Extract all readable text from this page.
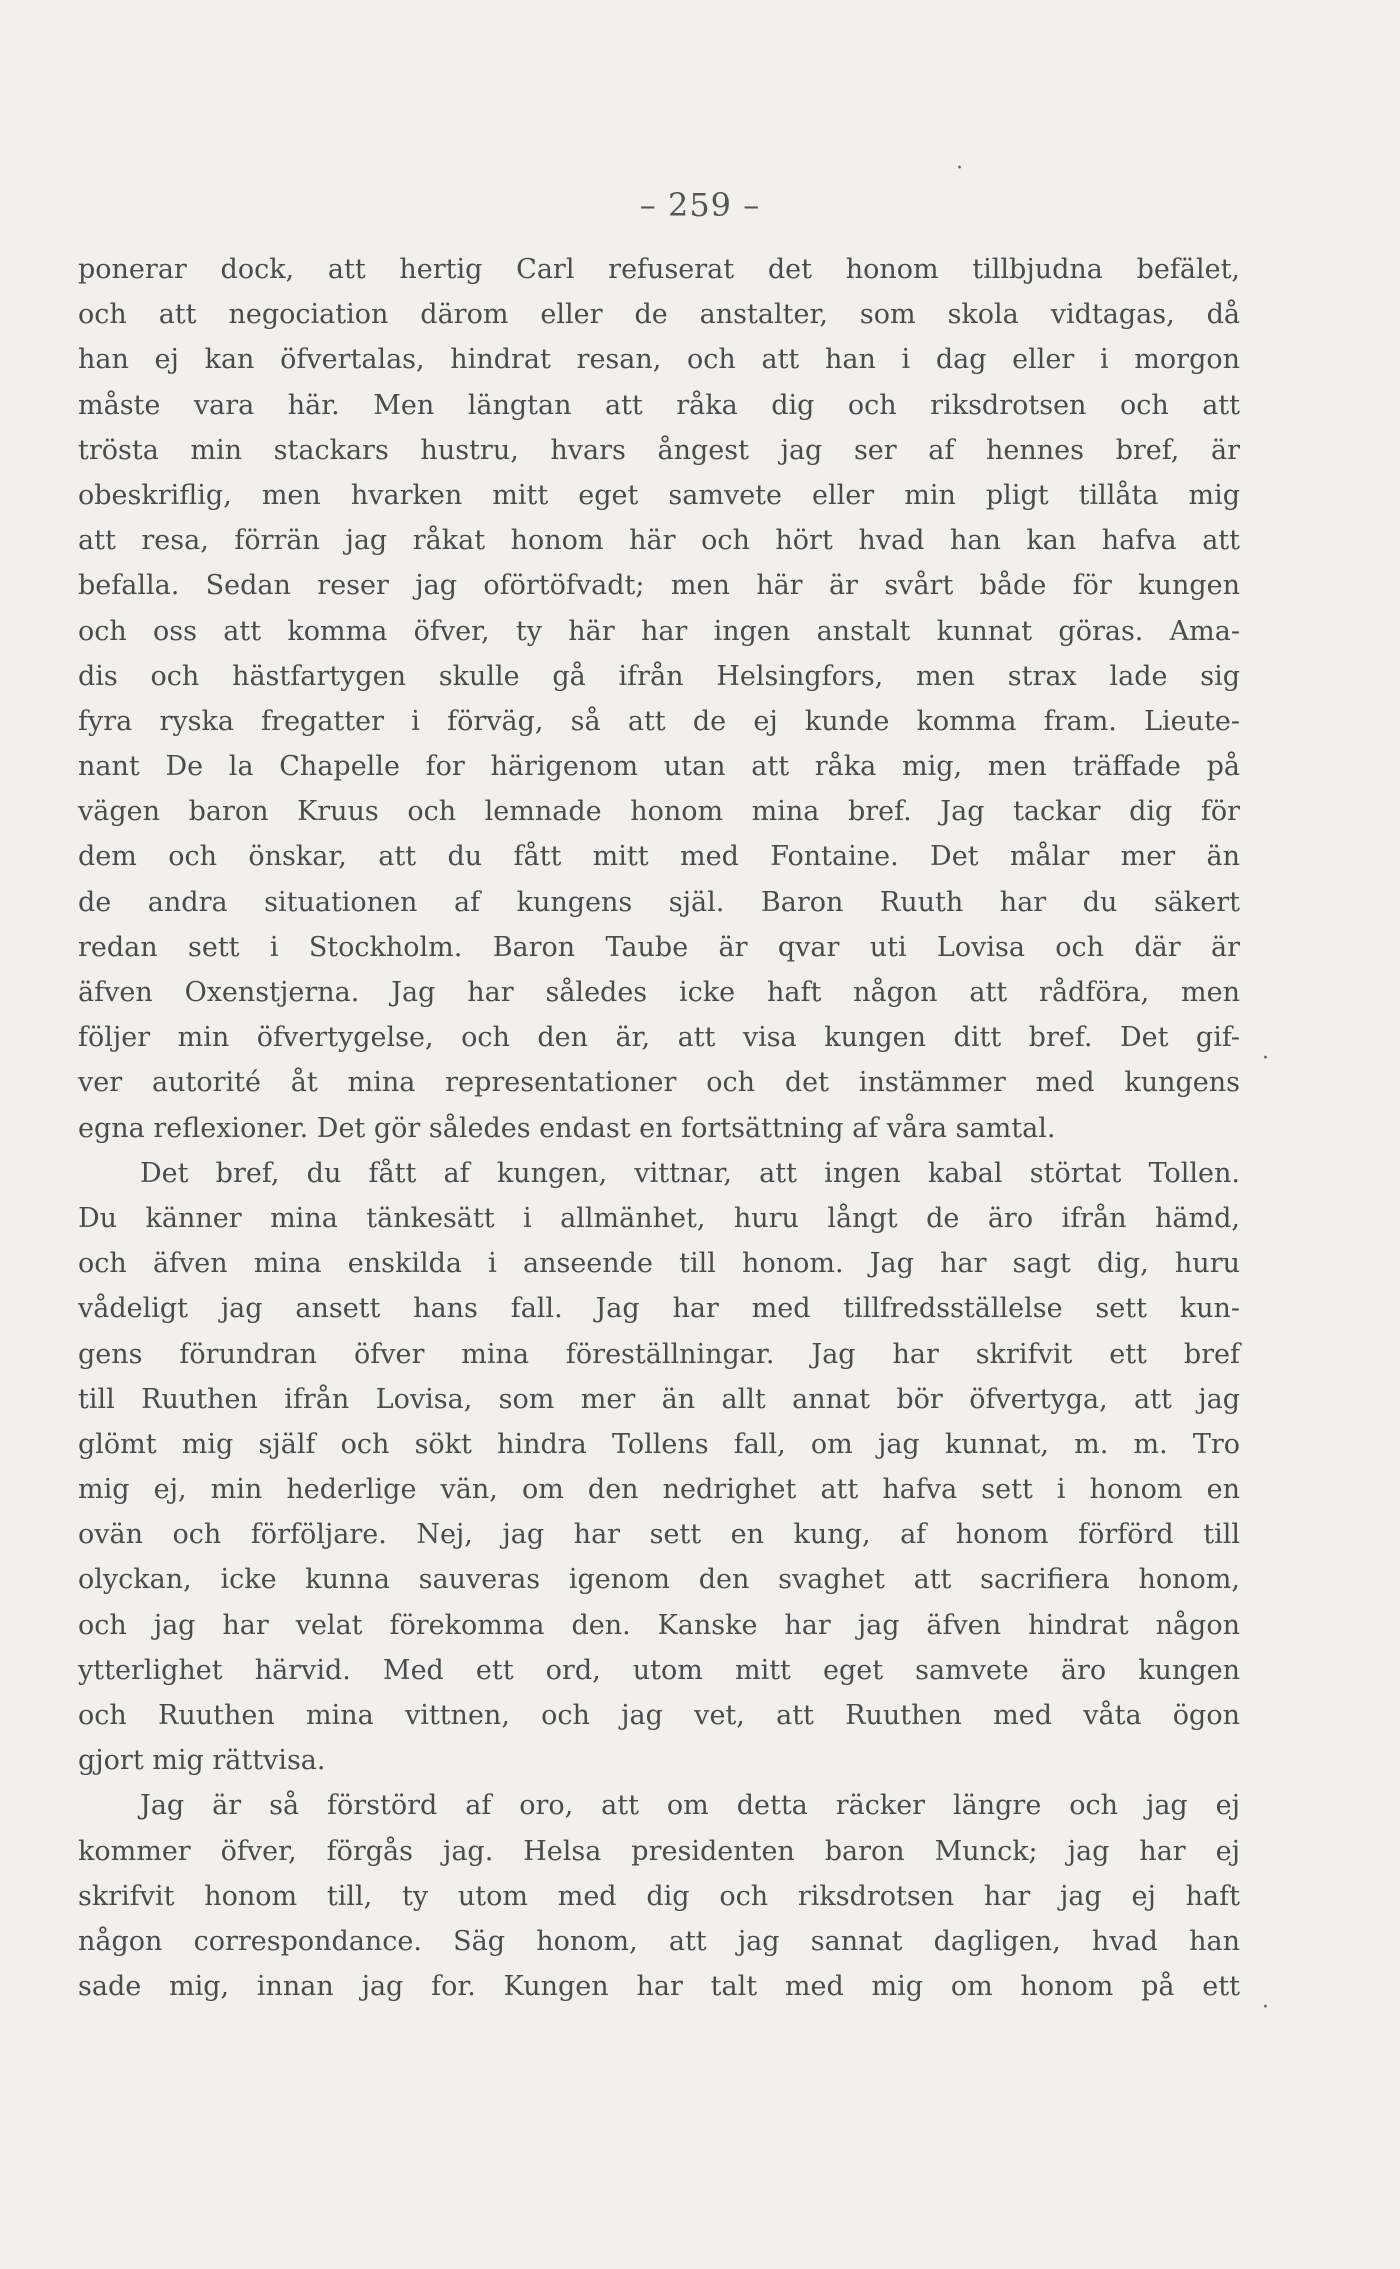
– 259 –
ponerar dock, att hertig Carl refuserat det honom tillbjudna befälet,
och att negociation därom eller de anstalter, som skola vidtagas, då
han ej kan öfvertalas, hindrat resan, och att han i dag eller i morgon
måste vara här. Men längtan att råka dig och riksdrotsen och att
trösta min stackars hustru, hvars ångest jag ser af hennes bref, är
obeskriflig, men hvarken mitt eget samvete eller min pligt tillåta mig
att resa, förrän jag råkat honom här och hört hvad han kan hafva att
befalla. Sedan reser jag oförtöfvadt; men här är svårt både för kungen
och oss att komma öfver, ty här har ingen anstalt kunnat göras. Ama-
dis och hästfartygen skulle gå ifrån Helsingfors, men strax lade sig
fyra ryska fregatter i förväg, så att de ej kunde komma fram. Lieute-
nant De la Chapelle for härigenom utan att råka mig, men träffade på
vägen baron Kruus och lemnade honom mina bref. Jag tackar dig för
dem och önskar, att du fått mitt med Fontaine. Det målar mer än
de andra situationen af kungens själ. Baron Ruuth har du säkert
redan sett i Stockholm. Baron Taube är qvar uti Lovisa och där är
äfven Oxenstjerna. Jag har således icke haft någon att rådföra, men
följer min öfvertygelse, och den är, att visa kungen ditt bref. Det gif-
ver autorité åt mina representationer och det instämmer med kungens
egna reflexioner. Det gör således endast en fortsättning af våra samtal.
Det bref, du fått af kungen, vittnar, att ingen kabal störtat Tollen.
Du känner mina tänkesätt i allmänhet, huru långt de äro ifrån hämd,
och äfven mina enskilda i anseende till honom. Jag har sagt dig, huru
vådeligt jag ansett hans fall. Jag har med tillfredsställelse sett kun-
gens förundran öfver mina föreställningar. Jag har skrifvit ett bref
till Ruuthen ifrån Lovisa, som mer än allt annat bör öfvertyga, att jag
glömt mig själf och sökt hindra Tollens fall, om jag kunnat, m. m. Tro
mig ej, min hederlige vän, om den nedrighet att hafva sett i honom en
ovän och förföljare. Nej, jag har sett en kung, af honom förförd till
olyckan, icke kunna sauveras igenom den svaghet att sacrifiera honom,
och jag har velat förekomma den. Kanske har jag äfven hindrat någon
ytterlighet härvid. Med ett ord, utom mitt eget samvete äro kungen
och Ruuthen mina vittnen, och jag vet, att Ruuthen med våta ögon
gjort mig rättvisa.
Jag är så förstörd af oro, att om detta räcker längre och jag ej
kommer öfver, förgås jag. Helsa presidenten baron Munck; jag har ej
skrifvit honom till, ty utom med dig och riksdrotsen har jag ej haft
någon correspondance. Säg honom, att jag sannat dagligen, hvad han
sade mig, innan jag for. Kungen har talt med mig om honom på ett
·
·
·
